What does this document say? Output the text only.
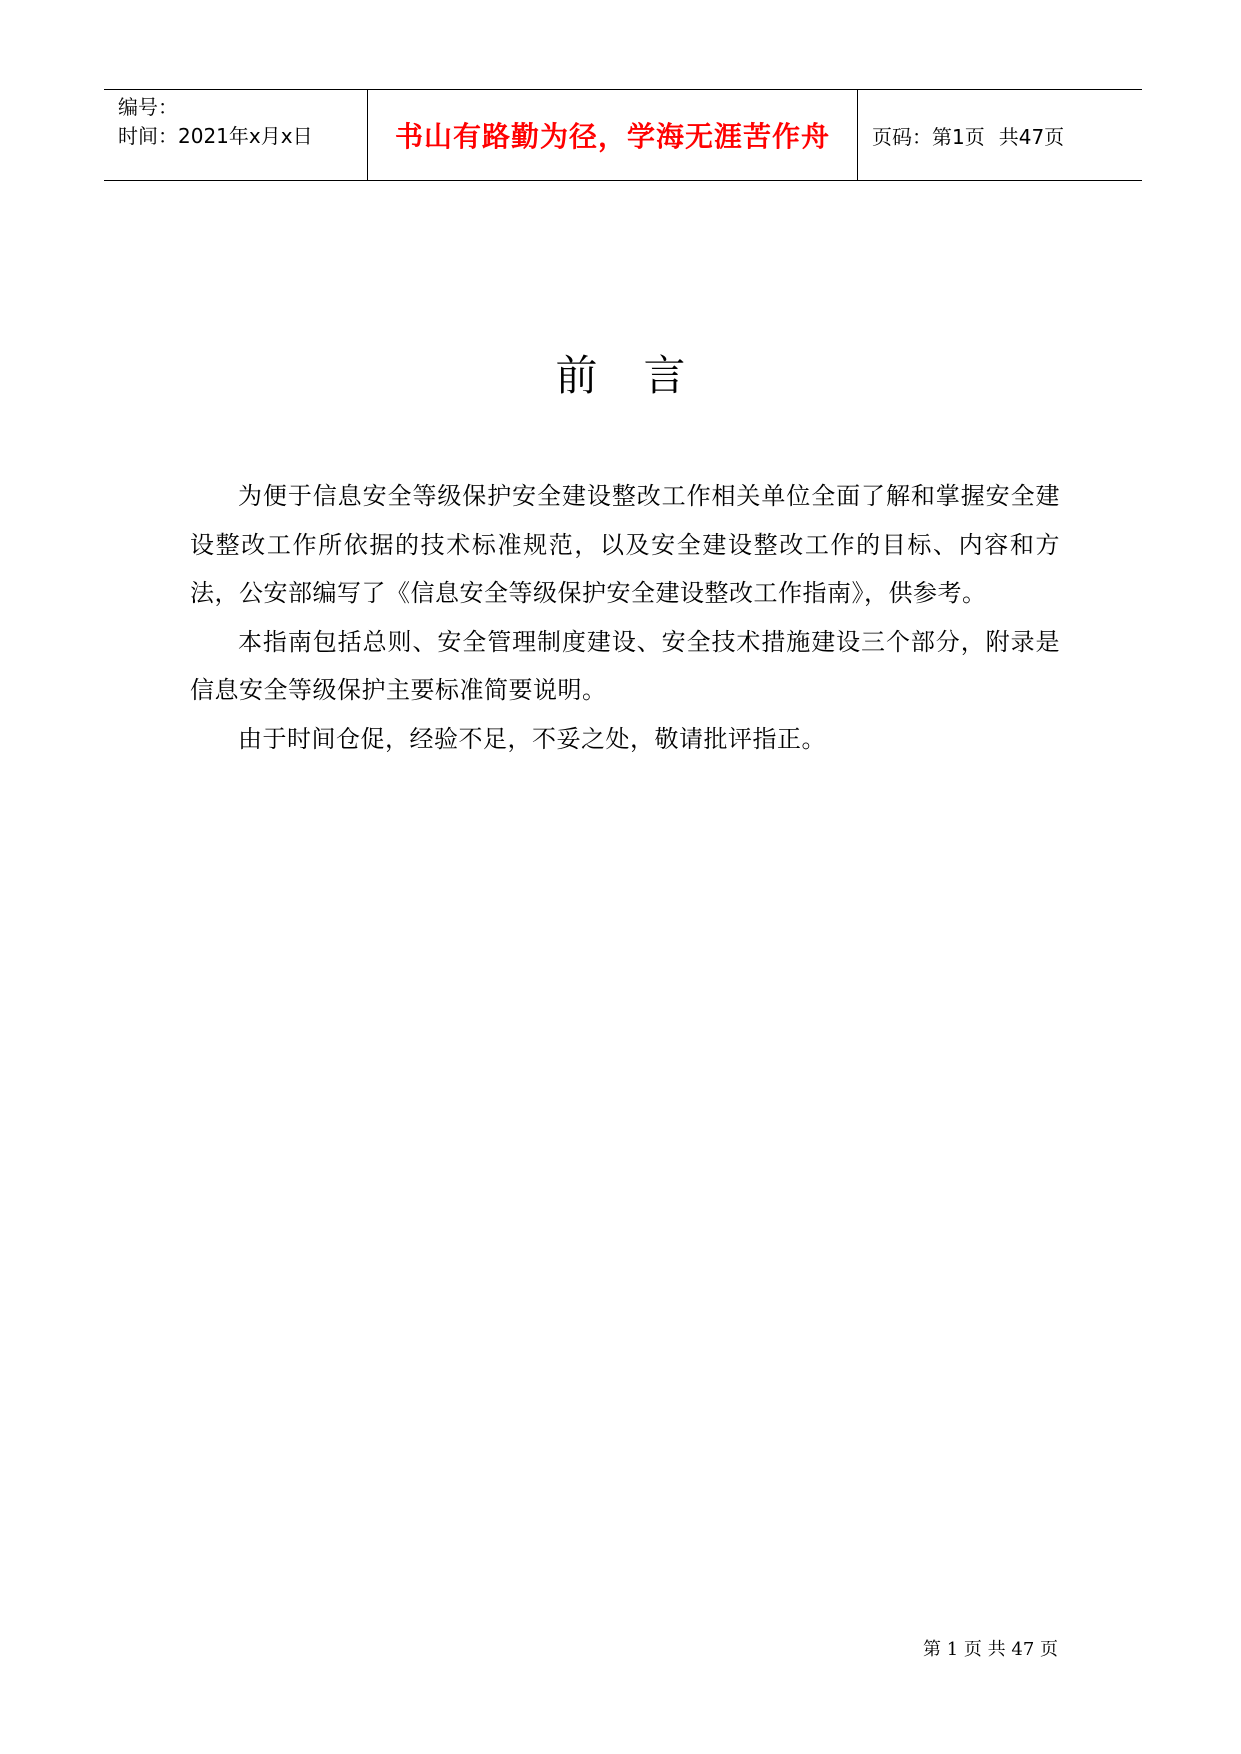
编号：
时间：2021年x月x日	书山有路勤为径，学海无涯苦作舟	页码：第1页 共47页
前言

为便于信息安全等级保护安全建设整改工作相关单位全面了解和掌握安全建设整改工作所依据的技术标准规范，以及安全建设整改工作的目标、内容和方法，公安部编写了《信息安全等级保护安全建设整改工作指南》，供参考。

本指南包括总则、安全管理制度建设、安全技术措施建设三个部分，附录是信息安全等级保护主要标准简要说明。

由于时间仓促，经验不足，不妥之处，敬请批评指正。

第 1 页 共 47 页
